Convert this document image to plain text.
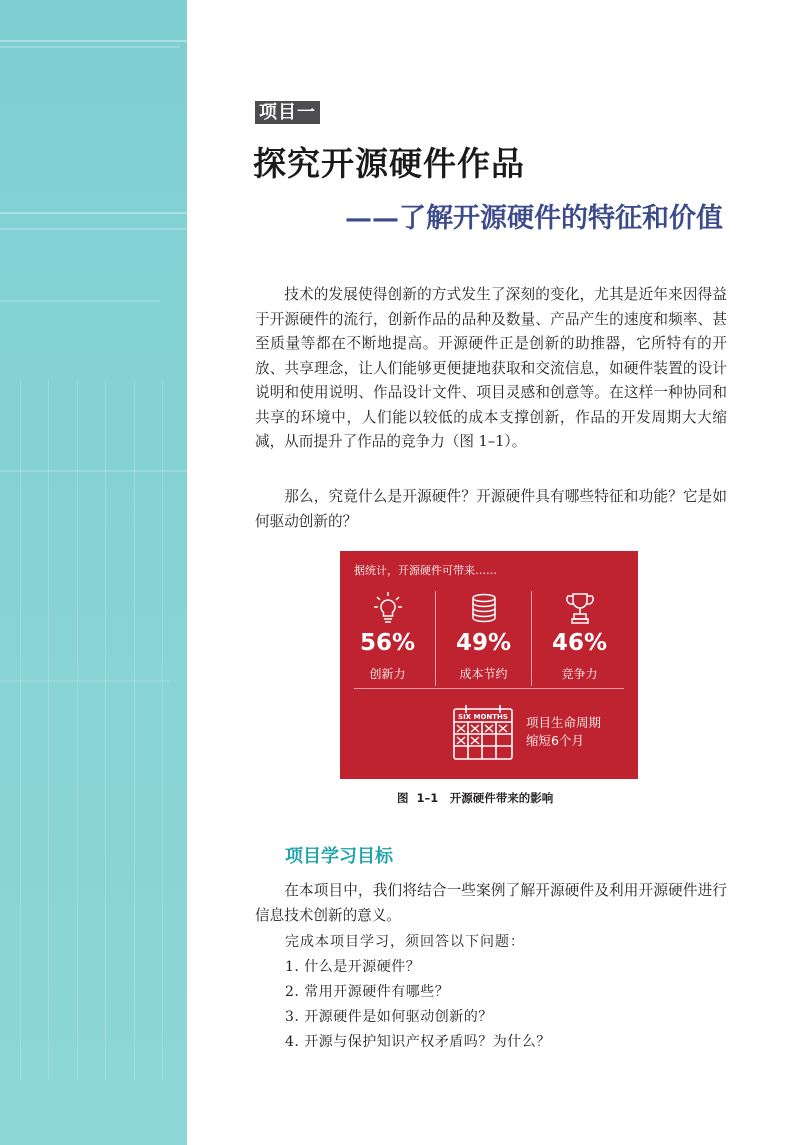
项目一
探究开源硬件作品
——了解开源硬件的特征和价值

技术的发展使得创新的方式发生了深刻的变化，尤其是近年来因得益于开源硬件的流行，创新作品的品种及数量、产品产生的速度和频率、甚至质量等都在不断地提高。开源硬件正是创新的助推器，它所特有的开放、共享理念，让人们能够更便捷地获取和交流信息，如硬件装置的设计说明和使用说明、作品设计文件、项目灵感和创意等。在这样一种协同和共享的环境中，人们能以较低的成本支撑创新，作品的开发周期大大缩减，从而提升了作品的竞争力（图 1–1）。

那么，究竟什么是开源硬件？开源硬件具有哪些特征和功能？它是如何驱动创新的？

据统计，开源硬件可带来……
56%
创新力
49%
成本节约
46%
竞争力
SIX MONTHS 项目生命周期
缩短6个月
图 1–1　开源硬件带来的影响
项目学习目标

在本项目中，我们将结合一些案例了解开源硬件及利用开源硬件进行信息技术创新的意义。

完成本项目学习，须回答以下问题：

1. 什么是开源硬件？
2. 常用开源硬件有哪些？
3. 开源硬件是如何驱动创新的？
4. 开源与保护知识产权矛盾吗？为什么？
